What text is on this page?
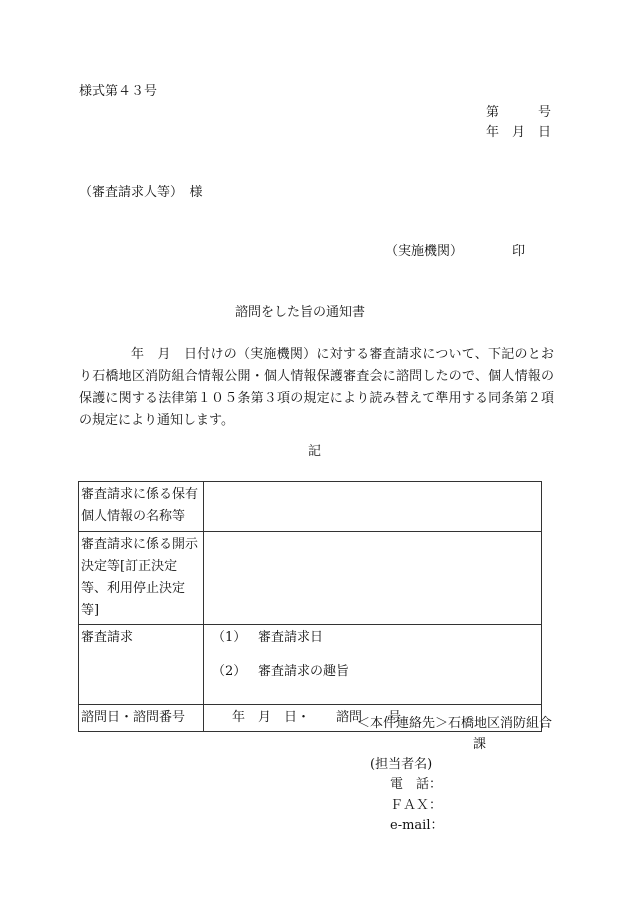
様式第４３号
第　　　号
年　月　日
（審査請求人等）　様
（実施機関）	印
諮問をした旨の通知書
年　月　日付けの（実施機関）に対する審査請求について、下記のとおり石橋地区消防組合情報公開・個人情報保護審査会に諮問したので、個人情報の保護に関する法律第１０５条第３項の規定により読み替えて準用する同条第２項の規定により通知します。
記
審査請求に係る保有個人情報の名称等	
審査請求に係る開示決定等[訂正決定等、利用停止決定等]	
審査請求	（1） 審査請求日
（2） 審査請求の趣旨

諮問日・諮問番号	年　月　日・　　諮問　　号
＜本件連絡先＞石橋地区消防組合
課
(担当者名)
電　話：
ＦＡＸ：
e-mail：
